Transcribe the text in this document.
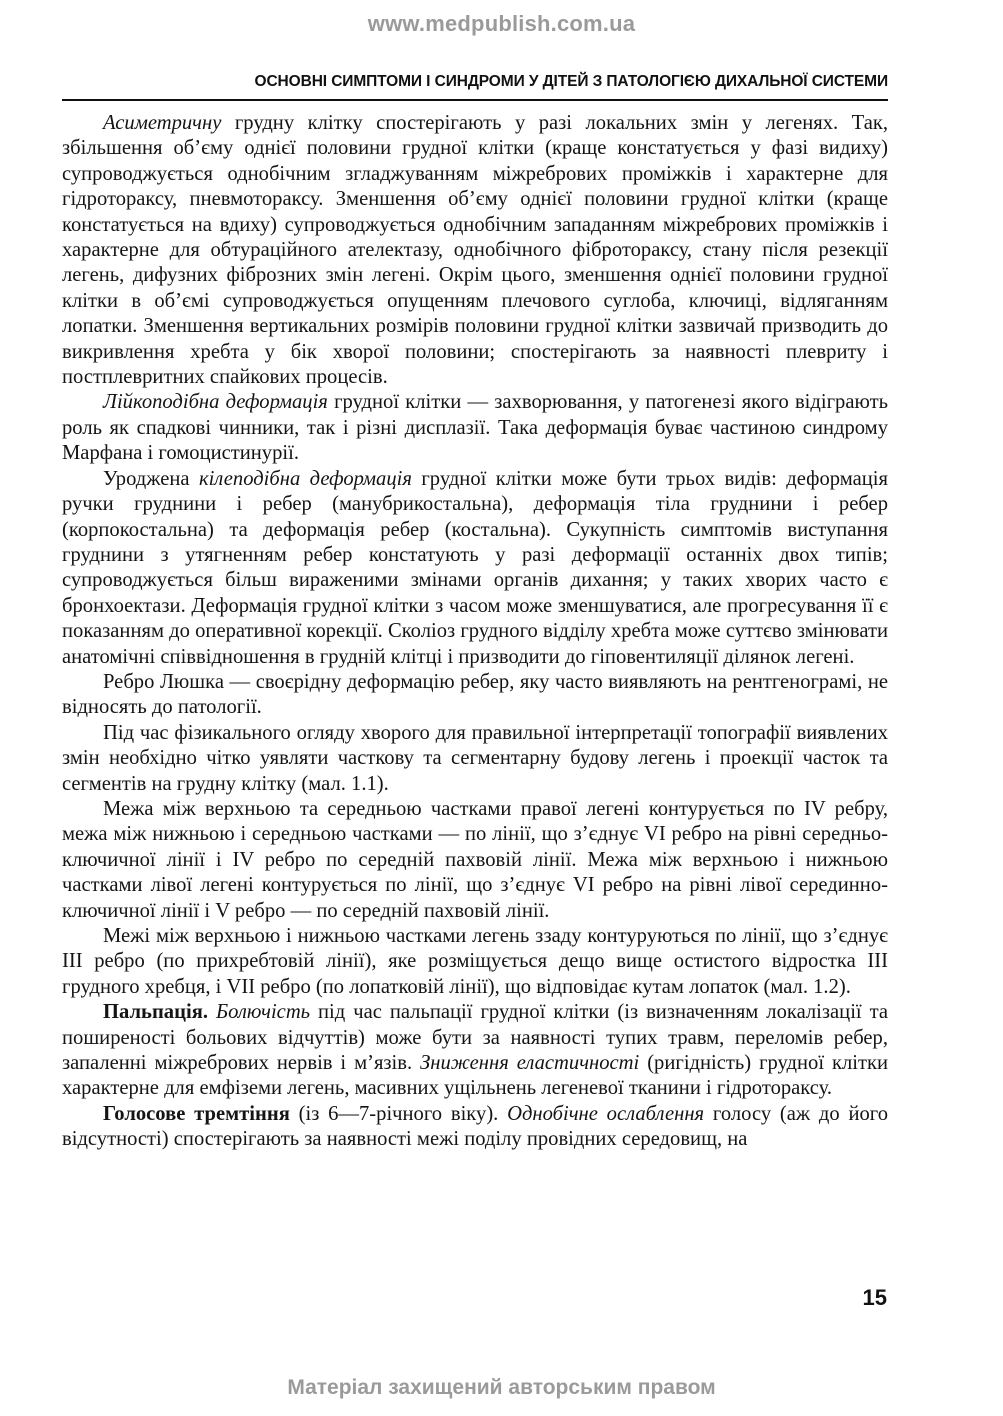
www.medpublish.com.ua
ОСНОВНІ СИМПТОМИ І СИНДРОМИ У ДІТЕЙ З ПАТОЛОГІЄЮ ДИХАЛЬНОЇ СИСТЕМИ

Асиметричну грудну клітку спостерігають у разі локальних змін у легенях. Так, збільшення об’єму однієї половини грудної клітки (краще констатується у фазі видиху) супроводжується однобічним згладжуванням міжребрових проміжків і характерне для гідротораксу, пневмотораксу. Зменшення об’єму однієї половини грудної клітки (краще констатується на вдиху) супроводжується однобічним западанням міжребрових проміжків і характерне для обтураційного ателектазу, однобічного фібротораксу, стану після резекції легень, дифузних фіброзних змін легені. Окрім цього, зменшення однієї половини грудної клітки в об’ємі супроводжується опущенням плечового суглоба, ключиці, відляганням лопатки. Зменшення вертикальних розмірів половини грудної клітки зазвичай призводить до викривлення хребта у бік хворої половини; спостерігають за наявності плевриту і постплевритних спайкових процесів.

Лійкоподібна деформація грудної клітки — захворювання, у патогенезі якого відіграють роль як спадкові чинники, так і різні дисплазії. Така деформація буває частиною синдрому Марфана і гомоцистинурії.

Уроджена кілеподібна деформація грудної клітки може бути трьох видів: деформація ручки груднини і ребер (манубрикостальна), деформація тіла груднини і ребер (корпокостальна) та деформація ребер (костальна). Сукупність симптомів виступання груднини з утягненням ребер констатують у разі деформації останніх двох типів; супроводжується більш вираженими змінами органів дихання; у таких хворих часто є бронхоектази. Деформація грудної клітки з часом може зменшуватися, але прогресування її є показанням до оперативної корекції. Сколіоз грудного відділу хребта може суттєво змінювати анатомічні співвідношення в грудній клітці і призводити до гіповентиляції ділянок легені.

Ребро Люшка — своєрідну деформацію ребер, яку часто виявляють на рентгенограмі, не відносять до патології.

Під час фізикального огляду хворого для правильної інтерпретації топографії виявлених змін необхідно чітко уявляти часткову та сегментарну будову легень і проекції часток та сегментів на грудну клітку (мал. 1.1).

Межа між верхньою та середньою частками правої легені контурується по IV ребру, межа між нижньою і середньою частками — по лінії, що з’єднує VI ребро на рівні середньо-ключичної лінії і IV ребро по середній пахвовій лінії. Межа між верхньою і нижньою частками лівої легені контурується по лінії, що з’єднує VI ребро на рівні лівої серединно-ключичної лінії і V ребро — по середній пахвовій лінії.

Межі між верхньою і нижньою частками легень ззаду контуруються по лінії, що з’єднує III ребро (по прихребтовій лінії), яке розміщується дещо вище остистого відростка III грудного хребця, і VII ребро (по лопатковій лінії), що відповідає кутам лопаток (мал. 1.2).

Пальпація. Болючість під час пальпації грудної клітки (із визначенням локалізації та поширеності больових відчуттів) може бути за наявності тупих травм, переломів ребер, запаленні міжребрових нервів і м’язів. Зниження еластичності (ригідність) грудної клітки характерне для емфіземи легень, масивних ущільнень легеневої тканини і гідротораксу.

Голосове тремтіння (із 6—7-річного віку). Однобічне ослаблення голосу (аж до його відсутності) спостерігають за наявності межі поділу провідних середовищ, на

15
Матеріал захищений авторським правом
